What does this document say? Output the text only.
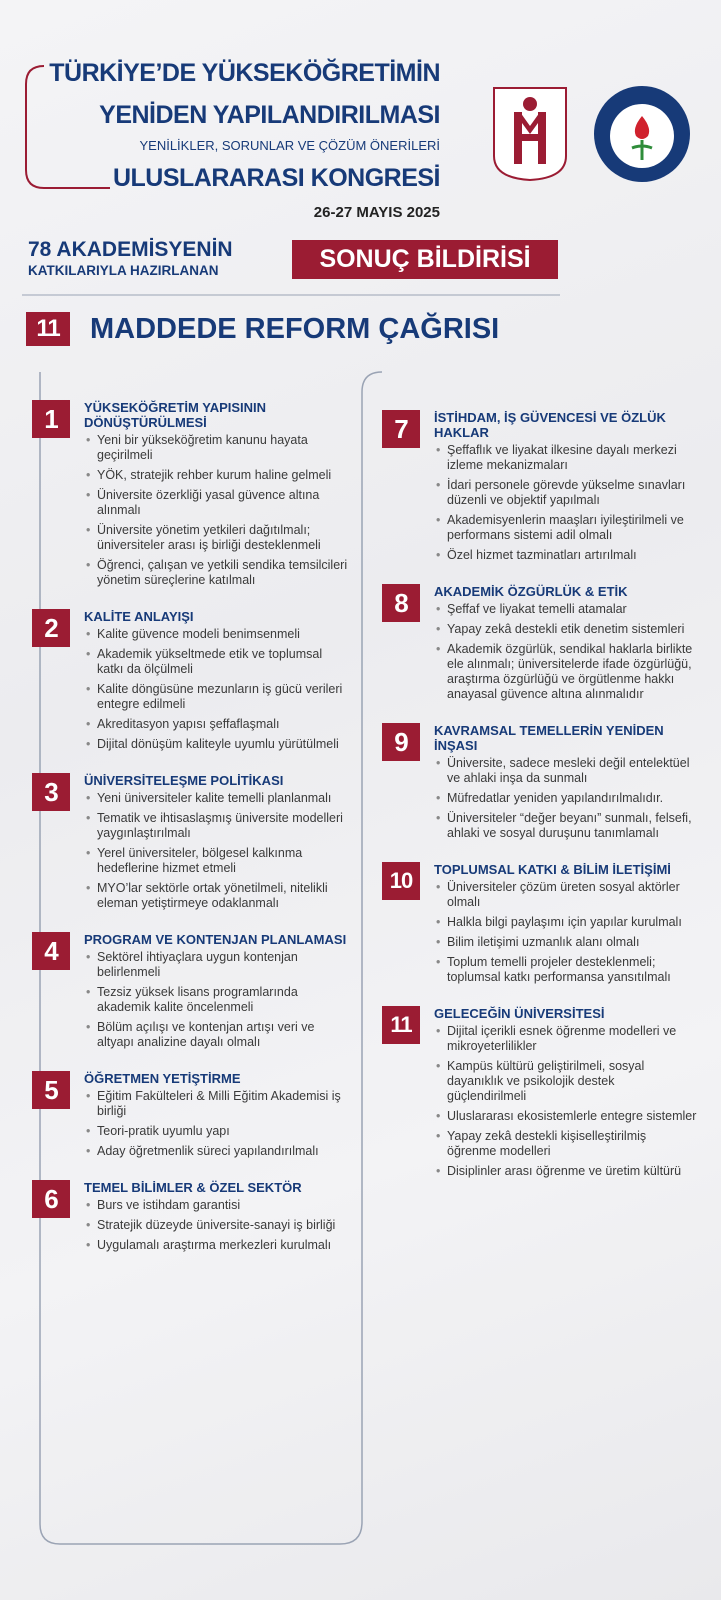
TÜRKİYE’DE YÜKSEKÖĞRETİMİN
YENİDEN YAPILANDIRILMASI
YENİLİKLER, SORUNLAR VE ÇÖZÜM ÖNERİLERİ
ULUSLARARASI KONGRESİ
26-27 MAYIS 2025
78 AKADEMİSYENİN
KATKILARIYLA HAZIRLANAN	SONUÇ BİLDİRİSİ
11	MADDEDE REFORM ÇAĞRISI
1	YÜKSEKÖĞRETİM YAPISININ DÖNÜŞTÜRÜLMESİ
• Yeni bir yükseköğretim kanunu hayata geçirilmeli
• YÖK, stratejik rehber kurum haline gelmeli
• Üniversite özerkliği yasal güvence altına alınmalı
• Üniversite yönetim yetkileri dağıtılmalı; üniversiteler arası iş birliği desteklenmeli
• Öğrenci, çalışan ve yetkili sendika temsilcileri yönetim süreçlerine katılmalı
2	KALİTE ANLAYIŞI
• Kalite güvence modeli benimsenmeli
• Akademik yükseltmede etik ve toplumsal katkı da ölçülmeli
• Kalite döngüsüne mezunların iş gücü verileri entegre edilmeli
• Akreditasyon yapısı şeffaflaşmalı
• Dijital dönüşüm kaliteyle uyumlu yürütülmeli
3	ÜNİVERSİTELEŞME POLİTİKASI
• Yeni üniversiteler kalite temelli planlanmalı
• Tematik ve ihtisaslaşmış üniversite modelleri yaygınlaştırılmalı
• Yerel üniversiteler, bölgesel kalkınma hedeflerine hizmet etmeli
• MYO’lar sektörle ortak yönetilmeli, nitelikli eleman yetiştirmeye odaklanmalı
4	PROGRAM VE KONTENJAN PLANLAMASI
• Sektörel ihtiyaçlara uygun kontenjan belirlenmeli
• Tezsiz yüksek lisans programlarında akademik kalite öncelenmeli
• Bölüm açılışı ve kontenjan artışı veri ve altyapı analizine dayalı olmalı
5	ÖĞRETMEN YETİŞTİRME
• Eğitim Fakülteleri & Milli Eğitim Akademisi iş birliği
• Teori-pratik uyumlu yapı
• Aday öğretmenlik süreci yapılandırılmalı
6	TEMEL BİLİMLER & ÖZEL SEKTÖR
• Burs ve istihdam garantisi
• Stratejik düzeyde üniversite-sanayi iş birliği
• Uygulamalı araştırma merkezleri kurulmalı
7	İSTİHDAM, İŞ GÜVENCESİ VE ÖZLÜK HAKLAR
• Şeffaflık ve liyakat ilkesine dayalı merkezi izleme mekanizmaları
• İdari personele görevde yükselme sınavları düzenli ve objektif yapılmalı
• Akademisyenlerin maaşları iyileştirilmeli ve performans sistemi adil olmalı
• Özel hizmet tazminatları artırılmalı
8	AKADEMİK ÖZGÜRLÜK & ETİK
• Şeffaf ve liyakat temelli atamalar
• Yapay zekâ destekli etik denetim sistemleri
• Akademik özgürlük, sendikal haklarla birlikte ele alınmalı; üniversitelerde ifade özgürlüğü, araştırma özgürlüğü ve örgütlenme hakkı anayasal güvence altına alınmalıdır
9	KAVRAMSAL TEMELLERİN YENİDEN İNŞASI
• Üniversite, sadece mesleki değil entelektüel ve ahlaki inşa da sunmalı
• Müfredatlar yeniden yapılandırılmalıdır.
• Üniversiteler “değer beyanı” sunmalı, felsefi, ahlaki ve sosyal duruşunu tanımlamalı
10	TOPLUMSAL KATKI & BİLİM İLETİŞİMİ
• Üniversiteler çözüm üreten sosyal aktörler olmalı
• Halkla bilgi paylaşımı için yapılar kurulmalı
• Bilim iletişimi uzmanlık alanı olmalı
• Toplum temelli projeler desteklenmeli; toplumsal katkı performansa yansıtılmalı
11	GELECEĞİN ÜNİVERSİTESİ
• Dijital içerikli esnek öğrenme modelleri ve mikroyeterlilikler
• Kampüs kültürü geliştirilmeli, sosyal dayanıklık ve psikolojik destek güçlendirilmeli
• Uluslararası ekosistemlerle entegre sistemler
• Yapay zekâ destekli kişiselleştirilmiş öğrenme modelleri
• Disiplinler arası öğrenme ve üretim kültürü
